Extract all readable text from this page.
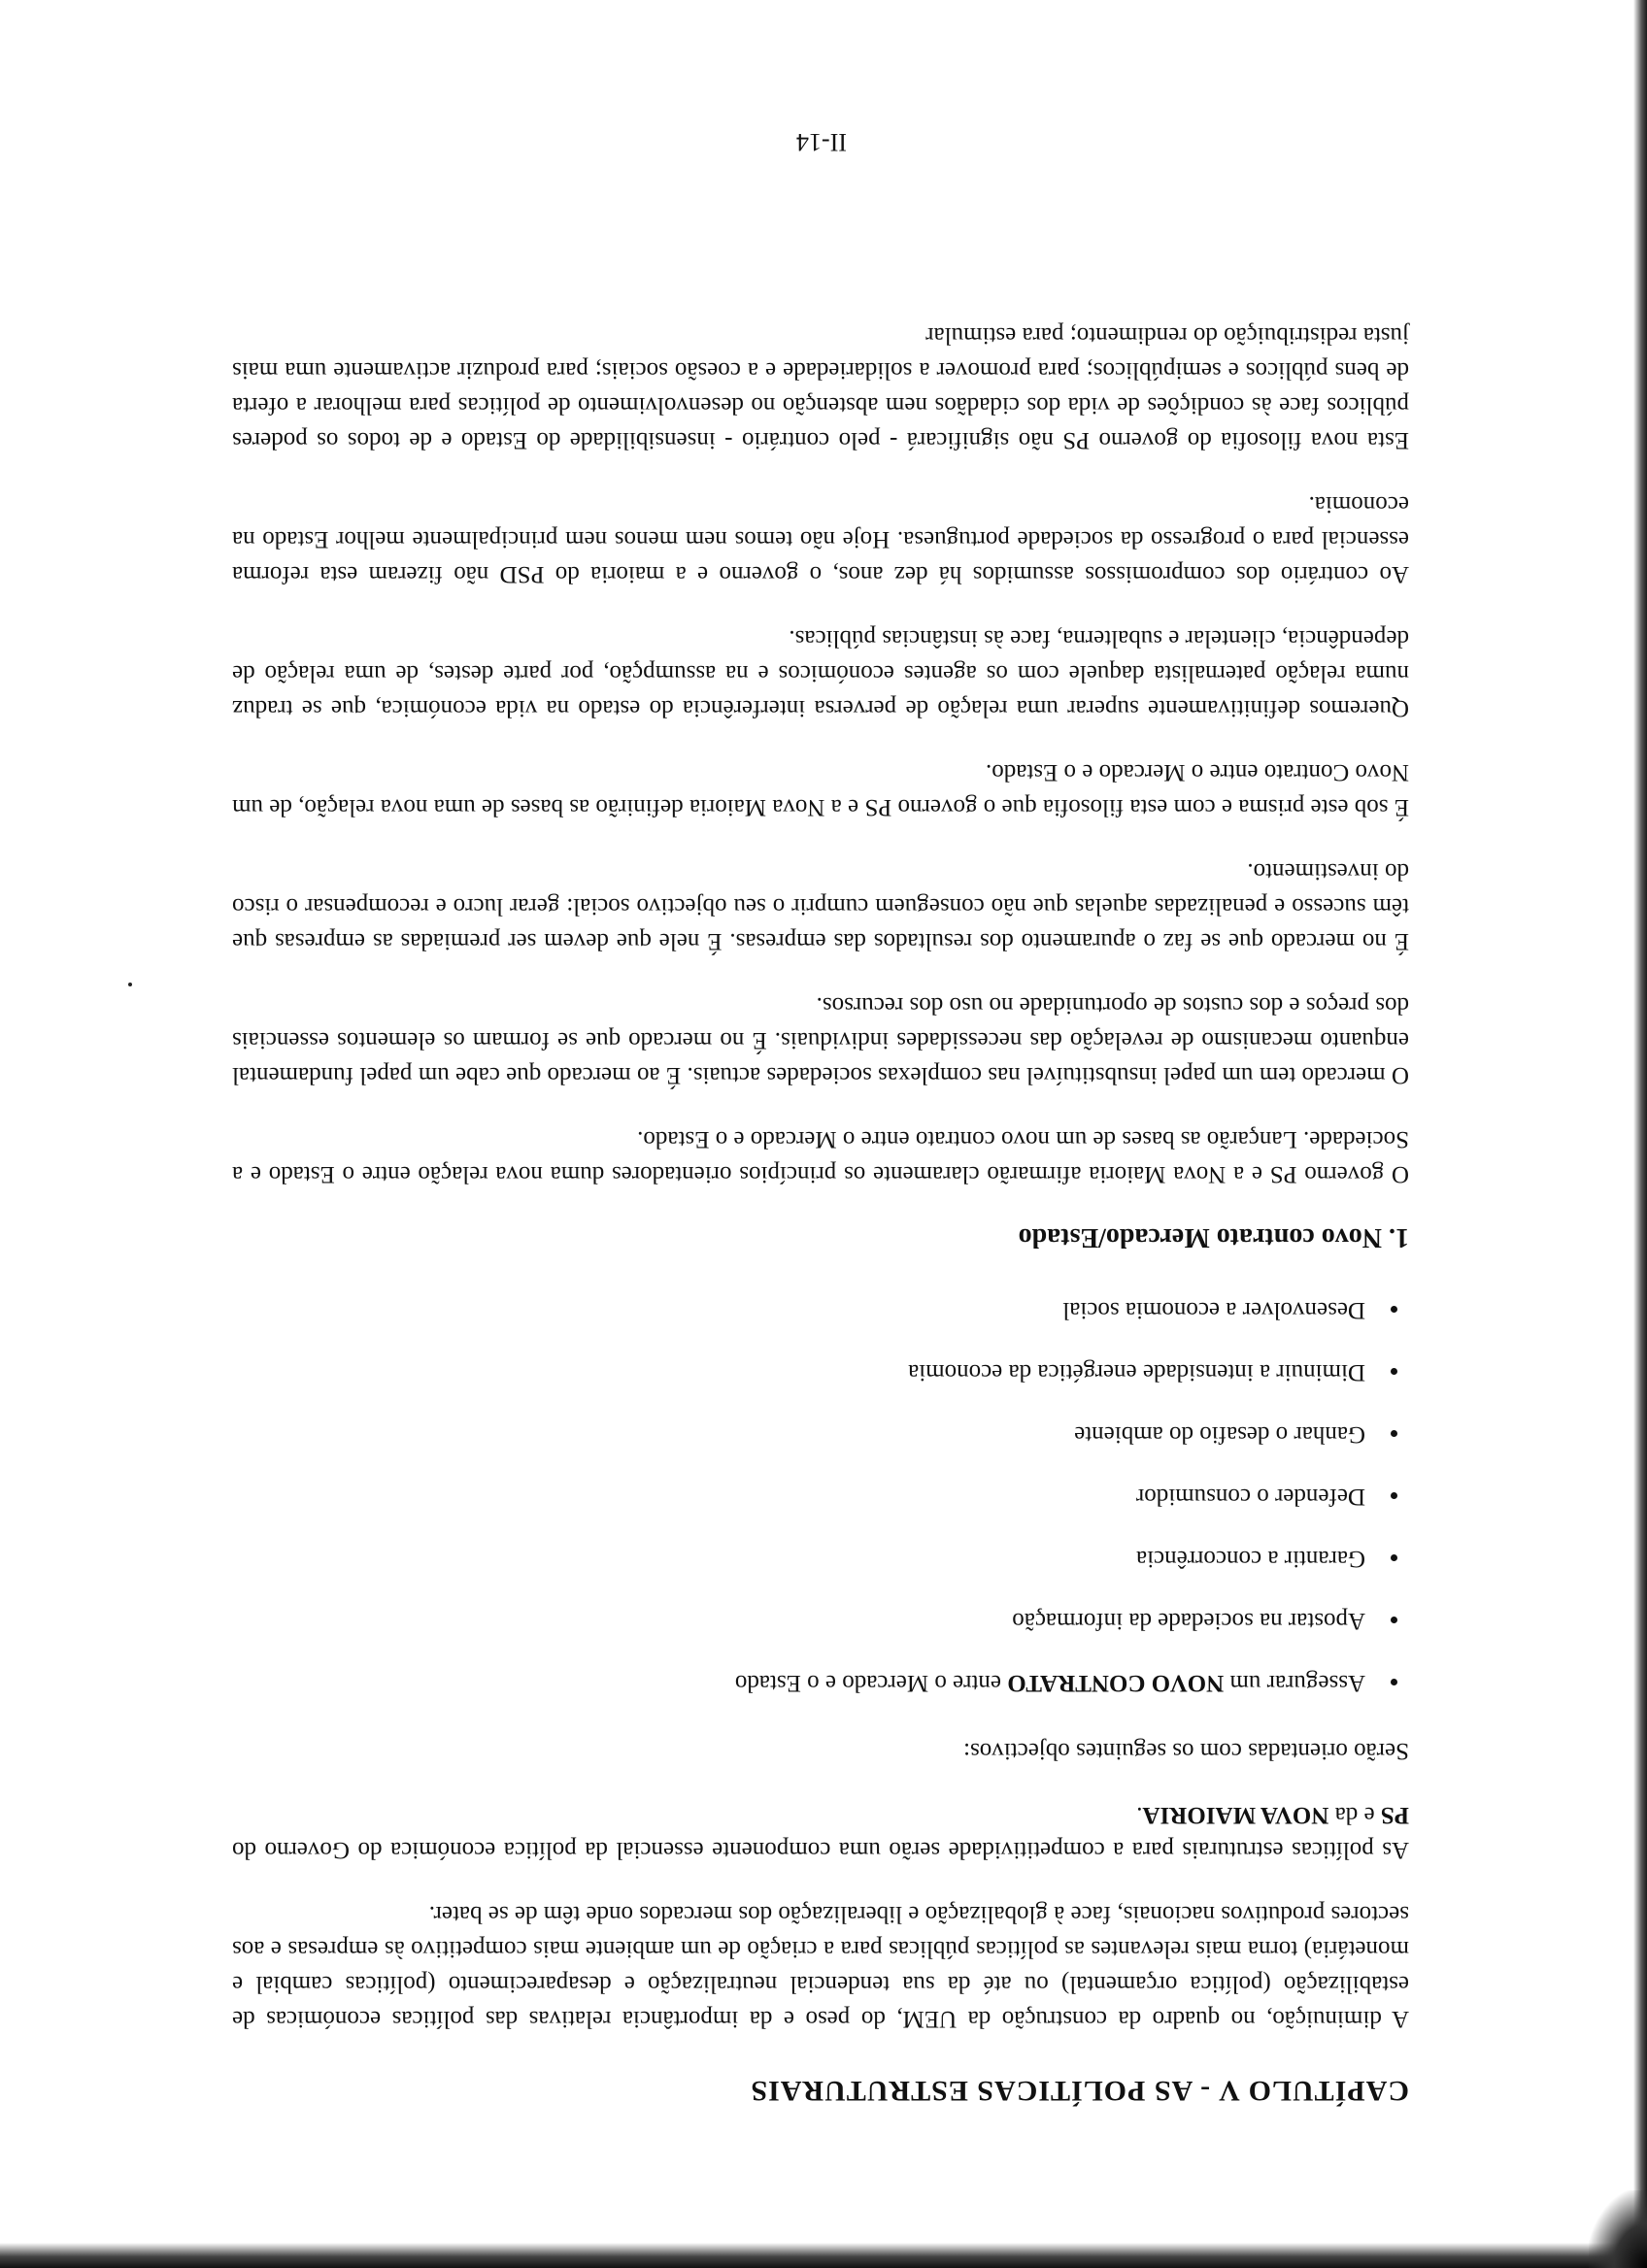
CAPÍTULO V - AS POLÍTICAS ESTRUTURAIS

A diminuição, no quadro da construção da UEM, do peso e da importância relativas das políticas económicas de estabilização (política orçamental) ou até da sua tendencial neutralização e desaparecimento (políticas cambial e monetária) torna mais relevantes as políticas públicas para a criação de um ambiente mais competitivo às empresas e aos sectores produtivos nacionais, face à globalização e liberalização dos mercados onde têm de se bater.

As políticas estruturais para a competitividade serão uma componente essencial da política económica do Governo do PS e da NOVA MAIORIA.

Serão orientadas com os seguintes objectivos:

Assegurar um NOVO CONTRATO entre o Mercado e o Estado
Apostar na sociedade da informação
Garantir a concorrência
Defender o consumidor
Ganhar o desafio do ambiente
Diminuir a intensidade energética da economia
Desenvolver a economia social
1. Novo contrato Mercado/Estado

O governo PS e a Nova Maioria afirmarão claramente os princípios orientadores duma nova relação entre o Estado e a Sociedade. Lançarão as bases de um novo contrato entre o Mercado e o Estado.

O mercado tem um papel insubstituível nas complexas sociedades actuais. É ao mercado que cabe um papel fundamental enquanto mecanismo de revelação das necessidades individuais. É no mercado que se formam os elementos essenciais dos preços e dos custos de oportunidade no uso dos recursos.

É no mercado que se faz o apuramento dos resultados das empresas. É nele que devem ser premiadas as empresas que têm sucesso e penalizadas aquelas que não conseguem cumprir o seu objectivo social: gerar lucro e recompensar o risco do investimento.

É sob este prisma e com esta filosofia que o governo PS e a Nova Maioria definirão as bases de uma nova relação, de um Novo Contrato entre o Mercado e o Estado.

Queremos definitivamente superar uma relação de perversa interferência do estado na vida económica, que se traduz numa relação paternalista daquele com os agentes económicos e na assumpção, por parte destes, de uma relação de dependência, clientelar e subalterna, face às instâncias públicas.

Ao contrário dos compromissos assumidos há dez anos, o governo e a maioria do PSD não fizeram esta reforma essencial para o progresso da sociedade portuguesa. Hoje não temos nem menos nem principalmente melhor Estado na economia.

Esta nova filosofia do governo PS não significará - pelo contrário - insensibilidade do Estado e de todos os poderes públicos face às condições de vida dos cidadãos nem abstenção no desenvolvimento de políticas para melhorar a oferta de bens públicos e semipúblicos; para promover a solidariedade e a coesão sociais; para produzir activamente uma mais justa redistribuição do rendimento; para estimular

II-14
